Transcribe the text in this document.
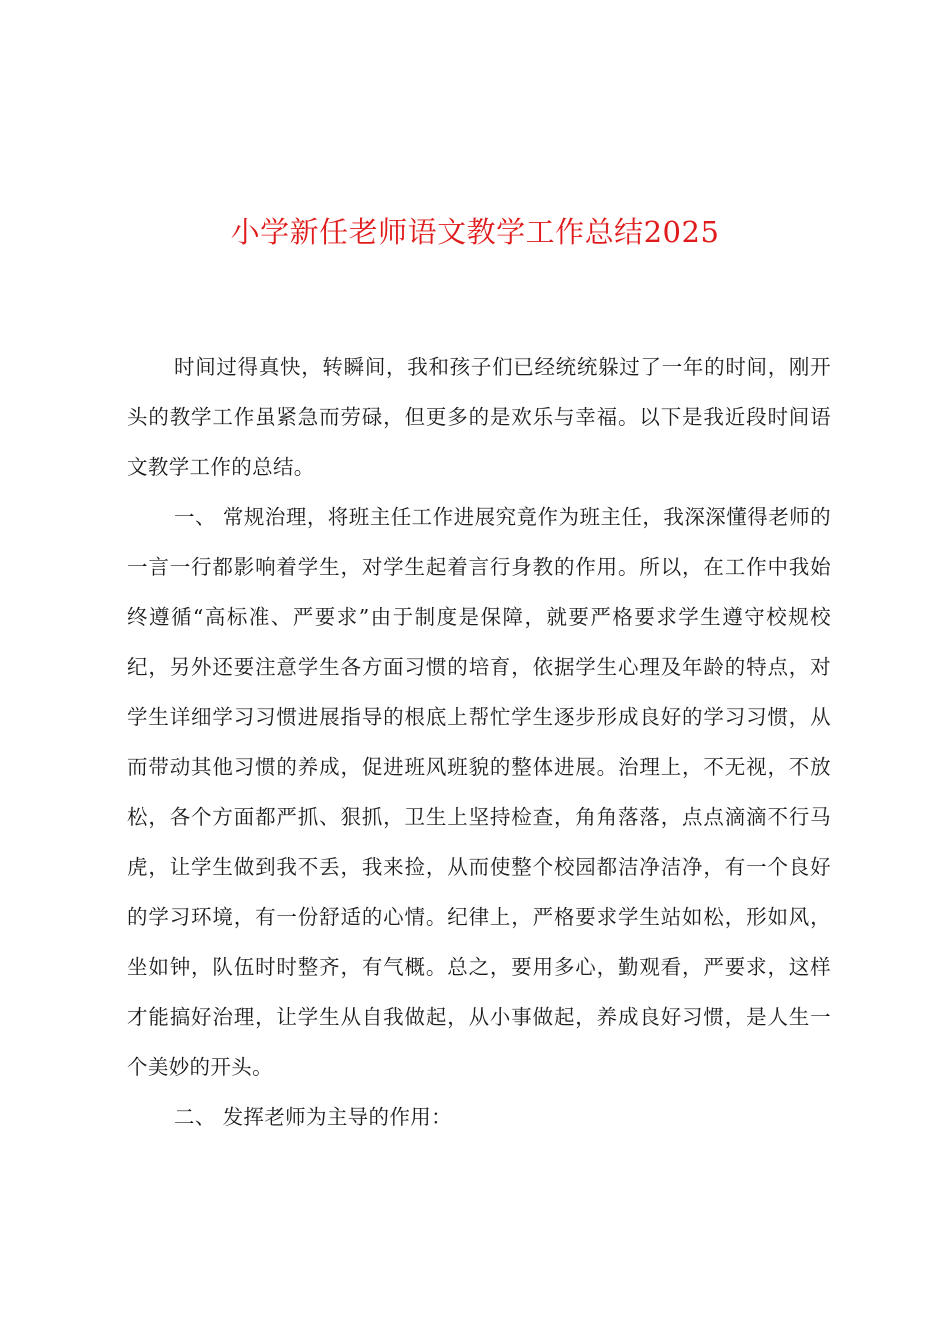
小学新任老师语文教学工作总结2025

时间过得真快，转瞬间，我和孩子们已经统统躲过了一年的时间，刚开头的教学工作虽紧急而劳碌，但更多的是欢乐与幸福。以下是我近段时间语文教学工作的总结。

一、 常规治理，将班主任工作进展究竟作为班主任，我深深懂得老师的一言一行都影响着学生，对学生起着言行身教的作用。所以，在工作中我始终遵循“高标准、严要求”由于制度是保障，就要严格要求学生遵守校规校纪，另外还要注意学生各方面习惯的培育，依据学生心理及年龄的特点，对学生详细学习习惯进展指导的根底上帮忙学生逐步形成良好的学习习惯，从而带动其他习惯的养成，促进班风班貌的整体进展。治理上，不无视，不放松，各个方面都严抓、狠抓，卫生上坚持检查，角角落落，点点滴滴不行马虎，让学生做到我不丢，我来捡，从而使整个校园都洁净洁净，有一个良好的学习环境，有一份舒适的心情。纪律上，严格要求学生站如松，形如风，坐如钟，队伍时时整齐，有气概。总之，要用多心，勤观看，严要求，这样才能搞好治理，让学生从自我做起，从小事做起，养成良好习惯，是人生一个美妙的开头。

二、 发挥老师为主导的作用：
